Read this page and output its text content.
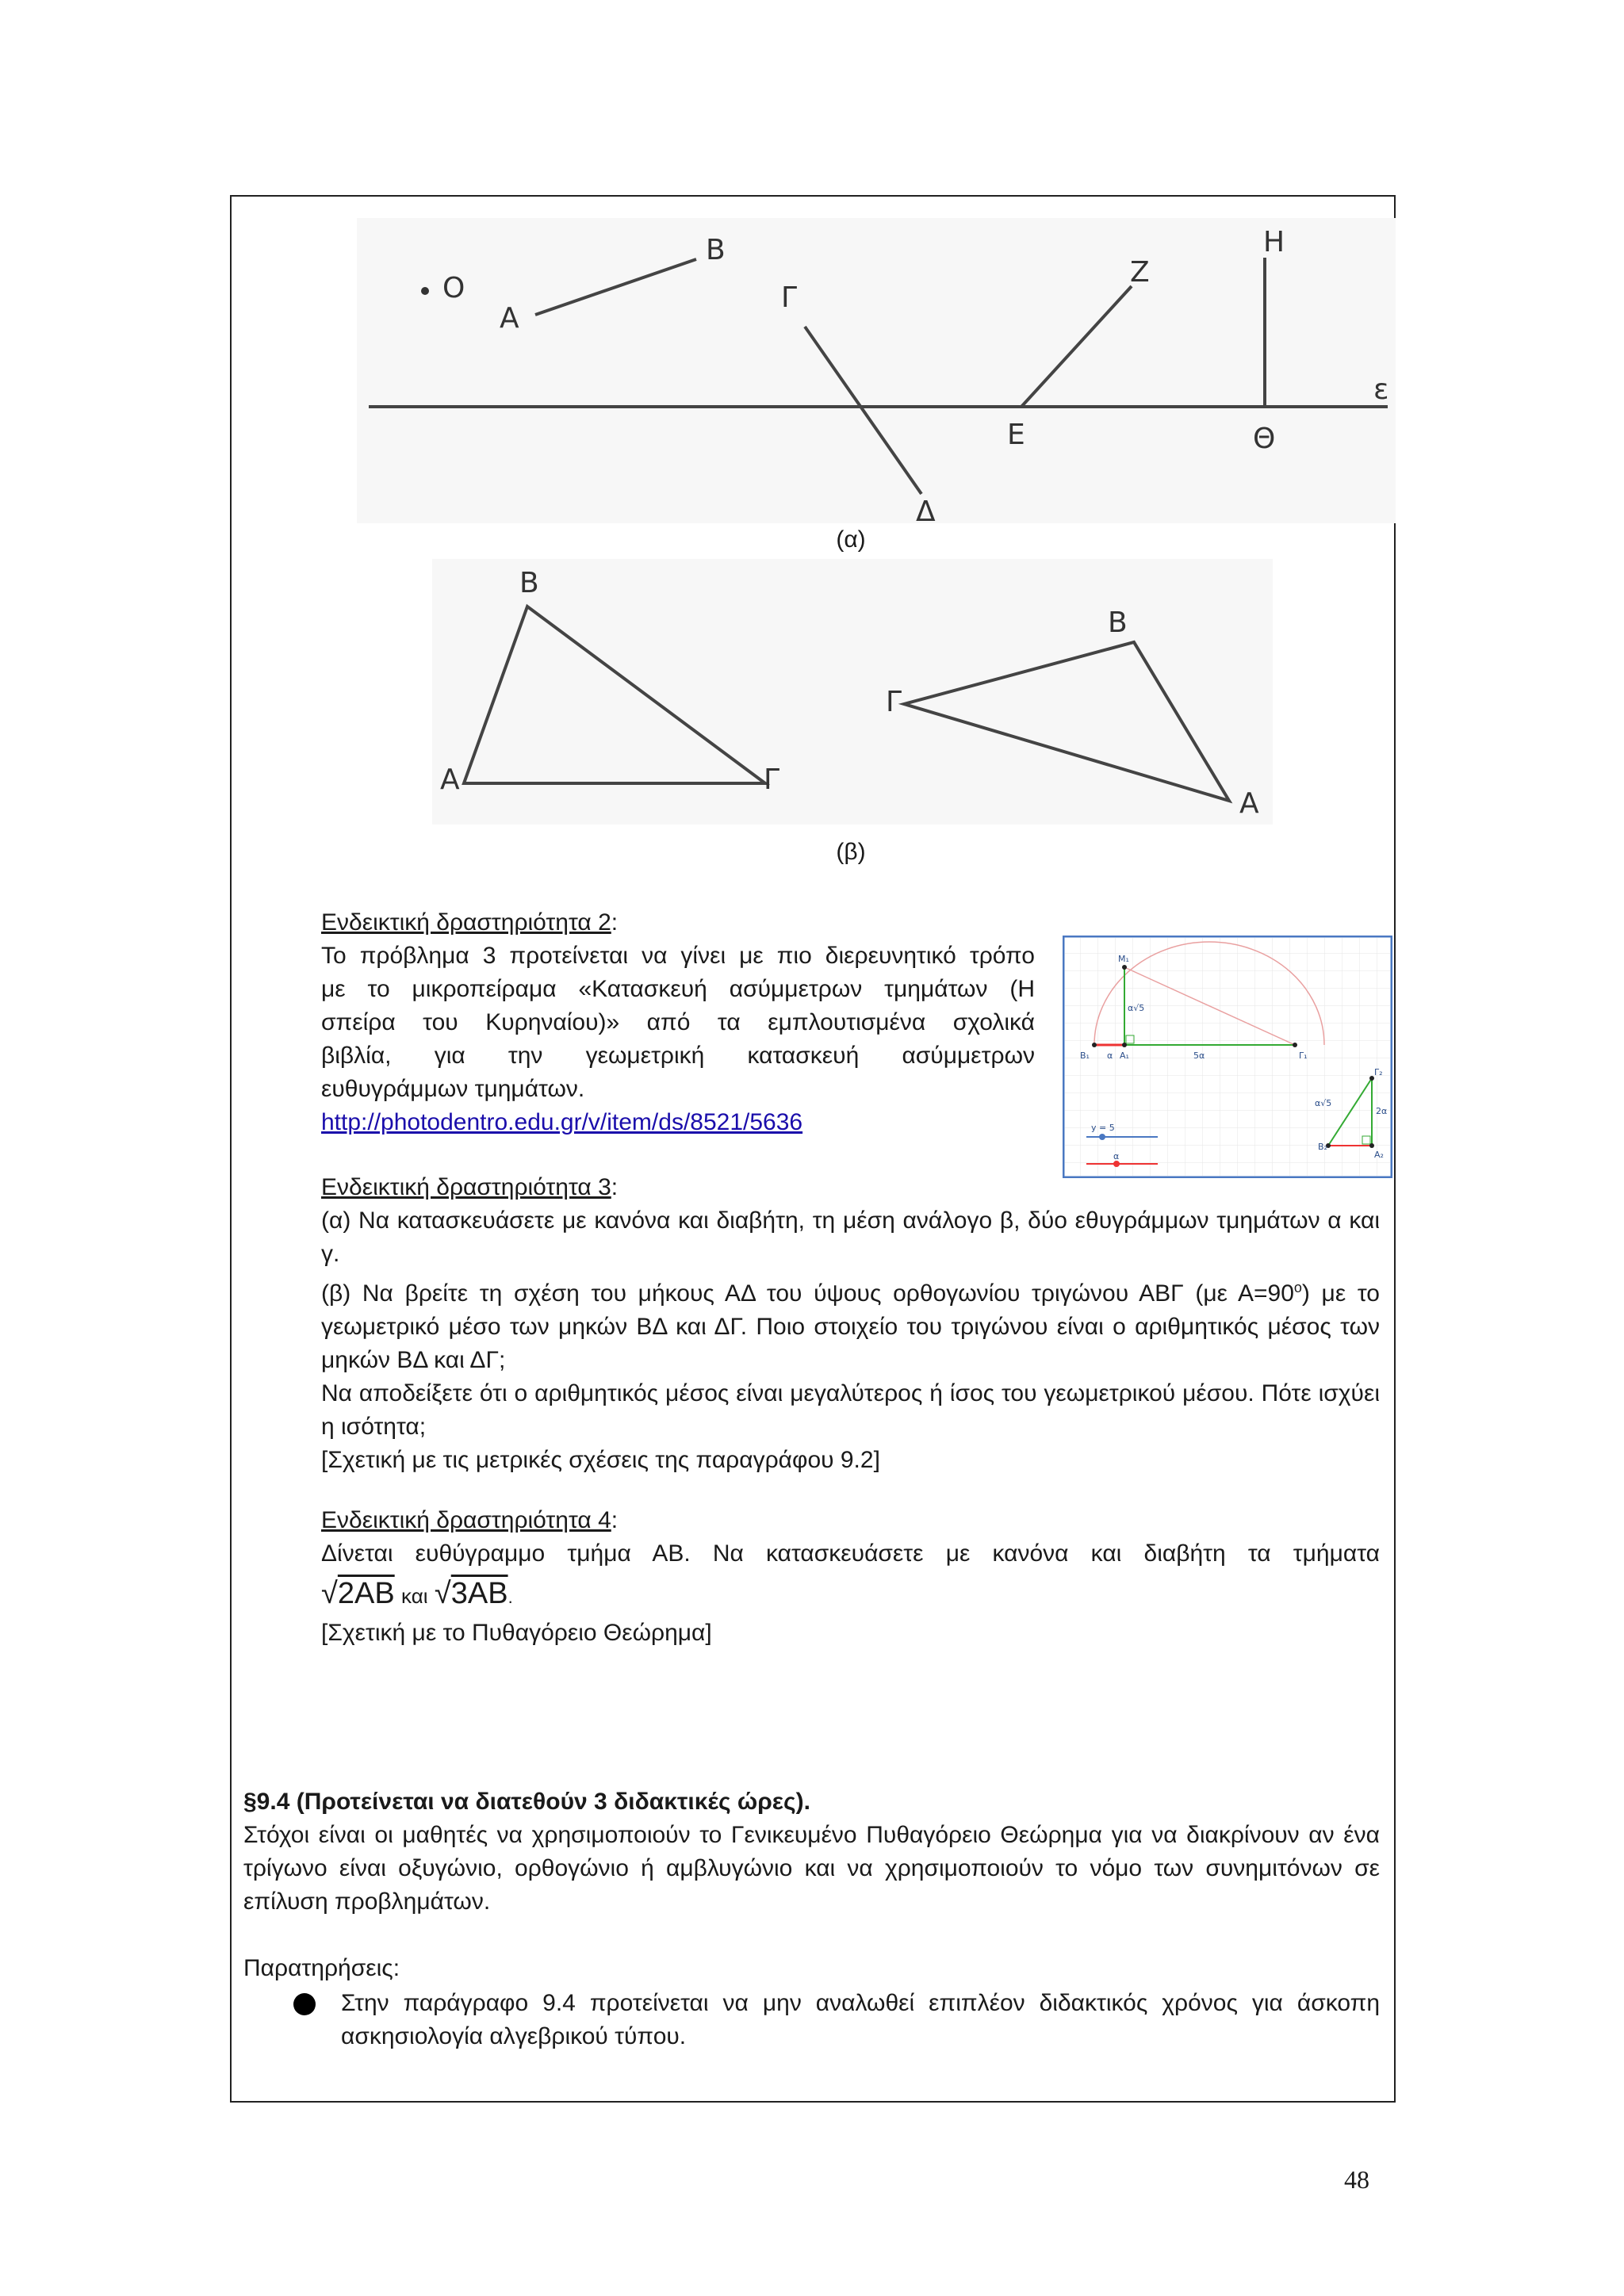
O
A
B
Γ
Δ
E
Z
H
Θ
ε
(α)
B
A	Γ
B
Γ
A
(β)
Ενδεικτική δραστηριότητα 2:
Το πρόβλημα 3 προτείνεται να γίνει με πιο διερευνητικό τρόπο
με το μικροπείραμα «Κατασκευή ασύμμετρων τμημάτων (Η
σπείρα του Κυρηναίου)» από τα εμπλουτισμένα σχολικά
βιβλία, για την γεωμετρική κατασκευή ασύμμετρων
ευθυγράμμων τμημάτων.
http://photodentro.edu.gr/v/item/ds/8521/5636
M₁
B₁	A₁	Γ₁
α	5α
α√5
Γ₂
B₂
A₂
2α
α√5
y = 5
α
Ενδεικτική δραστηριότητα 3:
(α) Να κατασκευάσετε με κανόνα και διαβήτη, τη μέση ανάλογο β, δύο εθυγράμμων τμημάτων α και γ.
(β) Να βρείτε τη σχέση του μήκους ΑΔ του ύψους ορθογωνίου τριγώνου ΑΒΓ (με $A=90^o$) με το γεωμετρικό μέσο των μηκών ΒΔ και ΔΓ. Ποιο στοιχείο του τριγώνου είναι ο αριθμητικός μέσος των μηκών ΒΔ και ΔΓ;
Να αποδείξετε ότι ο αριθμητικός μέσος είναι μεγαλύτερος ή ίσος του γεωμετρικού μέσου. Πότε ισχύει η ισότητα;
[Σχετική με τις μετρικές σχέσεις της παραγράφου 9.2]
Ενδεικτική δραστηριότητα 4:
Δίνεται ευθύγραμμο τμήμα ΑΒ. Να κατασκευάσετε με κανόνα και διαβήτη τα τμήματα
√2AB και √3AB.
[Σχετική με το Πυθαγόρειο Θεώρημα]
§9.4 (Προτείνεται να διατεθούν 3 διδακτικές ώρες).
Στόχοι είναι οι μαθητές να χρησιμοποιούν το Γενικευμένο Πυθαγόρειο Θεώρημα για να διακρίνουν αν ένα τρίγωνο είναι οξυγώνιο, ορθογώνιο ή αμβλυγώνιο και να χρησιμοποιούν το νόμο των συνημιτόνων σε επίλυση προβλημάτων.
Παρατηρήσεις:
Στην παράγραφο 9.4 προτείνεται να μην αναλωθεί επιπλέον διδακτικός χρόνος για άσκοπη ασκησιολογία αλγεβρικού τύπου.
48
